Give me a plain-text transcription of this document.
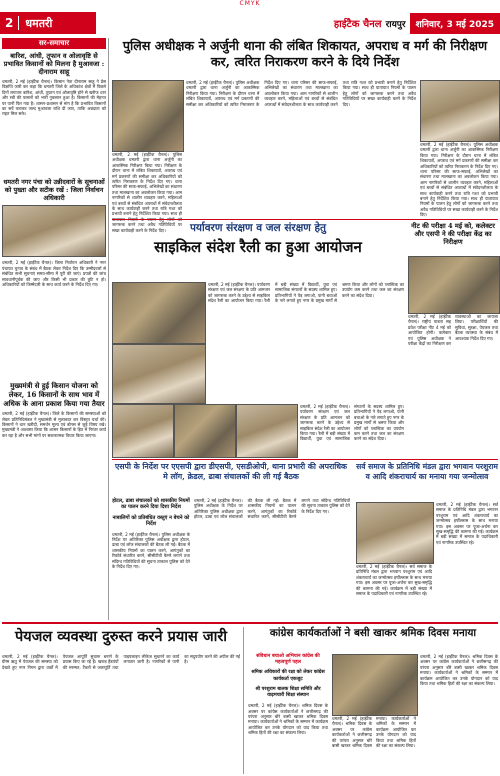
CMYK
2	धमतरी	हाईटैक चैनल रायपुर	शनिवार, 3 मई 2025
सर-समाचार
बारिश, आंधी, तूफान व ओलावृष्टि से प्रभावित किसानों को मिलना है मुआवजा : दीनाराम साहू
धमतरी, 2 मई (हाईटैक चैनल)। किसान नेता दीनाराम साहू ने प्रेस विज्ञप्ति जारी कर कहा कि धमतरी जिले के अधिकांश क्षेत्रों में पिछले दिनों लगातार बारिश, आंधी, तूफान एवं ओलावृष्टि होने से खरीफ धान और रबी की फसलों को भारी नुकसान हुआ है। किसानों की मेहनत पर पानी फिर गया है। शासन-प्रशासन से मांग है कि प्रभावित किसानों का सर्वे कराकर जल्द मुआवजा राशि दी जाए, ताकि अन्नदाता को राहत मिल सके।
धमतरी नगर पंचा को उन्नीदवारों के सूचनाओं को पुख्ता और सटीक रखें : जिला निर्वाचन अधिकारी
धमतरी, 2 मई (हाईटैक चैनल)। जिला निर्वाचन अधिकारी ने नगर पंचायत चुनाव के संबंध में बैठक लेकर निर्देश दिए कि उम्मीदवारों से संबंधित सभी सूचनाएं समय-सीमा में पूरी की जाएं। प्रपत्रों की जांच सावधानीपूर्वक की जाए और किसी भी प्रकार की त्रुटि न हो। अधिकारियों को जिम्मेदारी के साथ कार्य करने के निर्देश दिए गए।
मुख्यमंत्री से हुई किसान योजना को लेकर, 16 किसानों के साथ भाव में अधिक के आना प्रकाश किया गया तैयार
धमतरी, 2 मई (हाईटैक चैनल)। जिले के किसानों की समस्याओं को लेकर प्रतिनिधिमंडल ने मुख्यमंत्री से मुलाकात कर विस्तृत चर्चा की। किसानों ने धान खरीदी, समर्थन मूल्य एवं बोनस से जुड़े विषय रखे। मुख्यमंत्री ने आश्वस्त किया कि शासन किसानों के हित में निरंतर कार्य कर रहा है और सभी मांगों पर सकारात्मक विचार किया जाएगा।
पुलिस अधीक्षक ने अर्जुनी थाना की लंबित शिकायत, अपराध व मर्ग की निरीक्षण कर, त्वरित निराकरण करने के दिये निर्देश
धमतरी, 2 मई (हाईटैक चैनल)। पुलिस अधीक्षक धमतरी द्वारा थाना अर्जुनी का आकस्मिक निरीक्षण किया गया। निरीक्षण के दौरान थाना में लंबित शिकायतों, अपराध एवं मर्ग प्रकरणों की समीक्षा कर अधिकारियों को त्वरित निराकरण के निर्देश दिए गए। थाना परिसर की साफ-सफाई, अभिलेखों का संधारण तथा मालखाना का अवलोकन किया गया। आम नागरिकों से शालीन व्यवहार करने, महिलाओं एवं बच्चों से संबंधित अपराधों में संवेदनशीलता के साथ कार्यवाही करने तथा रात्रि गश्त को प्रभावी बनाने हेतु निर्देशित किया गया। साथ ही जागरूक करने तथा अवैध गतिविधियों पर सख्त कार्यवाही करने के निर्देश दिए।
धमतरी, 2 मई (हाईटैक चैनल)। पुलिस अधीक्षक धमतरी द्वारा थाना अर्जुनी का आकस्मिक निरीक्षण किया गया। निरीक्षण के दौरान थाना में लंबित शिकायतों, अपराध एवं मर्ग प्रकरणों की समीक्षा कर अधिकारियों को त्वरित निराकरण के निर्देश दिए गए। थाना परिसर की साफ-सफाई, अभिलेखों का संधारण तथा मालखाना का अवलोकन किया गया। आम नागरिकों से शालीन व्यवहार करने, महिलाओं एवं बच्चों से संबंधित अपराधों में संवेदनशीलता के साथ कार्यवाही करने तथा रात्रि गश्त को प्रभावी बनाने हेतु निर्देशित किया गया। साथ ही यातायात नियमों के पालन हेतु लोगों को जागरूक करने तथा अवैध गतिविधियों पर सख्त कार्यवाही करने के निर्देश दिए।
धमतरी, 2 मई (हाईटैक चैनल)। पुलिस अधीक्षक धमतरी द्वारा थाना अर्जुनी का आकस्मिक निरीक्षण किया गया। निरीक्षण के दौरान थाना में लंबित शिकायतों, अपराध एवं मर्ग प्रकरणों की समीक्षा कर अधिकारियों को त्वरित निराकरण के निर्देश दिए गए। थाना परिसर की साफ-सफाई, अभिलेखों का संधारण तथा मालखाना का अवलोकन किया गया। आम नागरिकों से शालीन व्यवहार करने, महिलाओं एवं बच्चों से संबंधित अपराधों में संवेदनशीलता के साथ कार्यवाही करने तथा रात्रि गश्त को प्रभावी बनाने हेतु निर्देशित किया गया। साथ ही यातायात नियमों के पालन हेतु लोगों को जागरूक करने तथा अवैध गतिविधियों पर सख्त कार्यवाही करने के निर्देश दिए।
पर्यावरण संरक्षण व जल संरक्षण हेतु
साइकिल संदेश रैली का हुआ आयोजन
धमतरी, 2 मई (हाईटैक चैनल)। पर्यावरण संरक्षण एवं जल संरक्षण के प्रति आमजन को जागरूक करने के उद्देश्य से साइकिल संदेश रैली का आयोजन किया गया। रैली में बड़ी संख्या में विद्यार्थी, युवा एवं सामाजिक संगठनों के सदस्य शामिल हुए। प्रतिभागियों ने पेड़ लगाओ, पानी बचाओ के नारे लगाते हुए नगर के प्रमुख मार्गों से भ्रमण किया और लोगों को प्लास्टिक का उपयोग कम करने तथा जल का संरक्षण करने का संदेश दिया।
धमतरी, 2 मई (हाईटैक चैनल)। पर्यावरण संरक्षण एवं जल संरक्षण के प्रति आमजन को जागरूक करने के उद्देश्य से साइकिल संदेश रैली का आयोजन किया गया। रैली में बड़ी संख्या में विद्यार्थी, युवा एवं सामाजिक संगठनों के सदस्य शामिल हुए। प्रतिभागियों ने पेड़ लगाओ, पानी बचाओ के नारे लगाते हुए नगर के प्रमुख मार्गों से भ्रमण किया और लोगों को प्लास्टिक का उपयोग कम करने तथा जल का संरक्षण करने का संदेश दिया।
नीट की परीक्षा 4 मई को, कलेक्टर और एसपी ने की परीक्षा केंद्र का निरीक्षण
धमतरी, 2 मई (हाईटैक चैनल)। राष्ट्रीय पात्रता सह प्रवेश परीक्षा नीट 4 मई को आयोजित होगी। कलेक्टर एवं पुलिस अधीक्षक ने परीक्षा केंद्रों का निरीक्षण कर व्यवस्थाओं का जायजा लिया। परीक्षार्थियों की सुविधा, सुरक्षा, पेयजल तथा बैठक व्यवस्था के संबंध में आवश्यक निर्देश दिए गए।
एसपी के निर्देश पर एएसपी द्वारा डीएसपी, एसडीओपी, थाना प्रभारी की अपराधिक मे लॉग, क्रेडल, ढाबा संचालकों की ली गई बैठक
होटल, ढाबा संचालकों को शासकीय नियमों का पालन करने दिया दिशा निर्देश
नाबालिगों को प्रतिबंधित वस्तुएं न बेचने को निर्देश
धमतरी, 2 मई (हाईटैक चैनल)। पुलिस अधीक्षक के निर्देश पर अतिरिक्त पुलिस अधीक्षक द्वारा होटल, ढाबा एवं लॉज संचालकों की बैठक ली गई। बैठक में शासकीय नियमों का पालन करने, आगंतुकों का रिकॉर्ड संधारित करने, सीसीटीवी कैमरे लगाने तथा संदिग्ध गतिविधियों की सूचना तत्काल पुलिस को देने के निर्देश दिए गए।
धमतरी, 2 मई (हाईटैक चैनल)। पुलिस अधीक्षक के निर्देश पर अतिरिक्त पुलिस अधीक्षक द्वारा होटल, ढाबा एवं लॉज संचालकों की बैठक ली गई। बैठक में शासकीय नियमों का पालन करने, आगंतुकों का रिकॉर्ड संधारित करने, सीसीटीवी कैमरे लगाने तथा संदिग्ध गतिविधियों की सूचना तत्काल पुलिस को देने के निर्देश दिए गए।
सर्व समाज के प्रतिनिधि मंडल द्वारा भगवान परशुराम व आदि शंकराचार्य का मनाया गया जन्मोत्सव
धमतरी, 2 मई (हाईटैक चैनल)। सर्व समाज के प्रतिनिधि मंडल द्वारा भगवान परशुराम एवं आदि शंकराचार्य का जन्मोत्सव हर्षोल्लास के साथ मनाया गया। इस अवसर पर पूजा-अर्चना कर सुख-समृद्धि की कामना की गई। कार्यक्रम में बड़ी संख्या में समाज के पदाधिकारी एवं नागरिक उपस्थित रहे।
धमतरी, 2 मई (हाईटैक चैनल)। सर्व समाज के प्रतिनिधि मंडल द्वारा भगवान परशुराम एवं आदि शंकराचार्य का जन्मोत्सव हर्षोल्लास के साथ मनाया गया। इस अवसर पर पूजा-अर्चना कर सुख-समृद्धि की कामना की गई। कार्यक्रम में बड़ी संख्या में समाज के पदाधिकारी एवं नागरिक उपस्थित रहे।
पेयजल व्यवस्था दुरुस्त करने प्रयास जारी
धमतरी, 2 मई (हाईटैक चैनल)। ग्रीष्म ऋतु में पेयजल की समस्या को देखते हुए नगर निगम द्वारा वार्डों में पेयजल आपूर्ति सुचारू बनाने के प्रयास किए जा रहे हैं। खराब हैंडपंपों की मरम्मत, टैंकरों से जलापूर्ति तथा पाइपलाइन लीकेज सुधारने का कार्य लगातार जारी है। नागरिकों से पानी का सदुपयोग करने की अपील की गई है।
कांग्रेस कार्यकर्ताओं ने बसी खाकर श्रमिक दिवस मनाया
संविधान बचाओ अभियान कांग्रेस की महत्वपूर्ण पहल
श्रमिक अधिकारों की रक्षा को लेकर कांग्रेस कार्यकर्ता एकजुट
श्री परशुराम बालक शिक्षा समिति और वाढ़मचारी शिक्षा संस्थान
धमतरी, 2 मई (हाईटैक चैनल)। श्रमिक दिवस के अवसर पर कांग्रेस कार्यकर्ताओं ने छत्तीसगढ़ की परंपरा अनुसार बोरे बासी खाकर श्रमिक दिवस मनाया। कार्यकर्ताओं ने श्रमिकों के सम्मान में कार्यक्रम आयोजित कर उनके योगदान को याद किया तथा श्रमिक हितों की रक्षा का संकल्प लिया।
धमतरी, 2 मई (हाईटैक चैनल)। श्रमिक दिवस के अवसर पर कांग्रेस कार्यकर्ताओं ने छत्तीसगढ़ की परंपरा अनुसार बोरे बासी खाकर श्रमिक दिवस मनाया। कार्यकर्ताओं ने श्रमिकों के सम्मान में कार्यक्रम आयोजित कर उनके योगदान को याद किया तथा श्रमिक हितों की रक्षा का संकल्प लिया।
धमतरी, 2 मई (हाईटैक चैनल)। श्रमिक दिवस के अवसर पर कांग्रेस कार्यकर्ताओं ने छत्तीसगढ़ की परंपरा अनुसार बोरे बासी खाकर श्रमिक दिवस मनाया। कार्यकर्ताओं ने श्रमिकों के सम्मान में कार्यक्रम आयोजित कर उनके योगदान को याद किया तथा श्रमिक हितों की रक्षा का संकल्प लिया।
